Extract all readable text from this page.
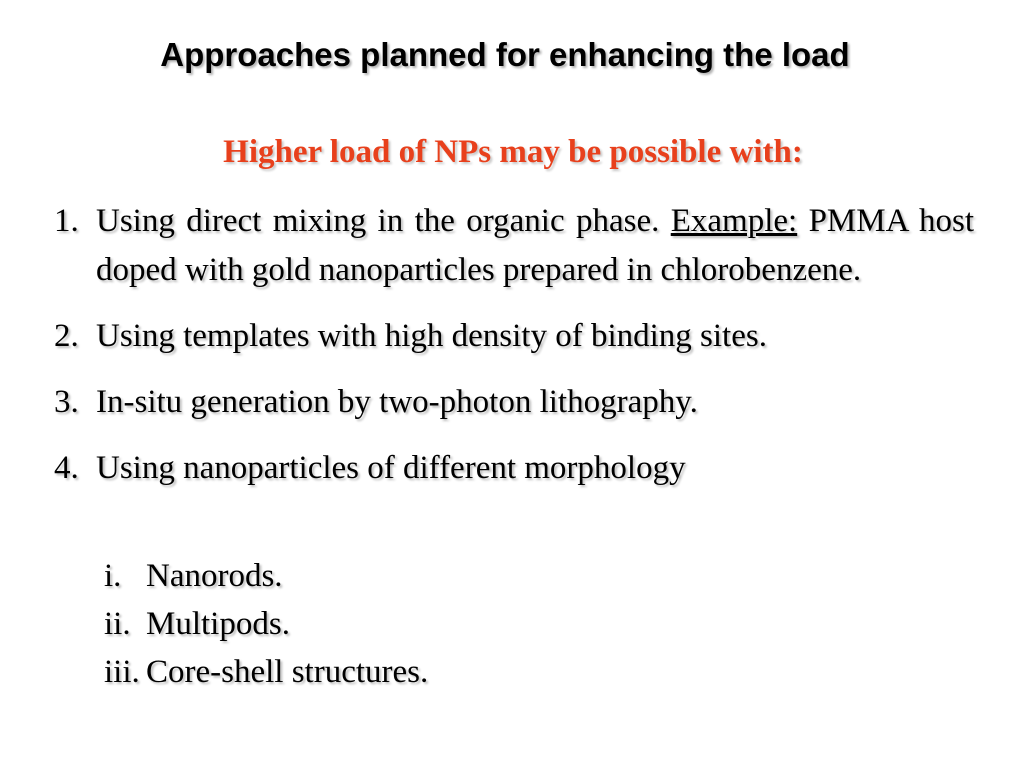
Approaches planned for enhancing the load
Higher load of NPs may be possible with:
1. Using direct mixing in the organic phase. Example: PMMA host doped with gold nanoparticles prepared in chlorobenzene.
2. Using templates with high density of binding sites.
3. In-situ generation by two-photon lithography.
4. Using nanoparticles of different morphology
i. Nanorods.
ii. Multipods.
iii. Core-shell structures.
